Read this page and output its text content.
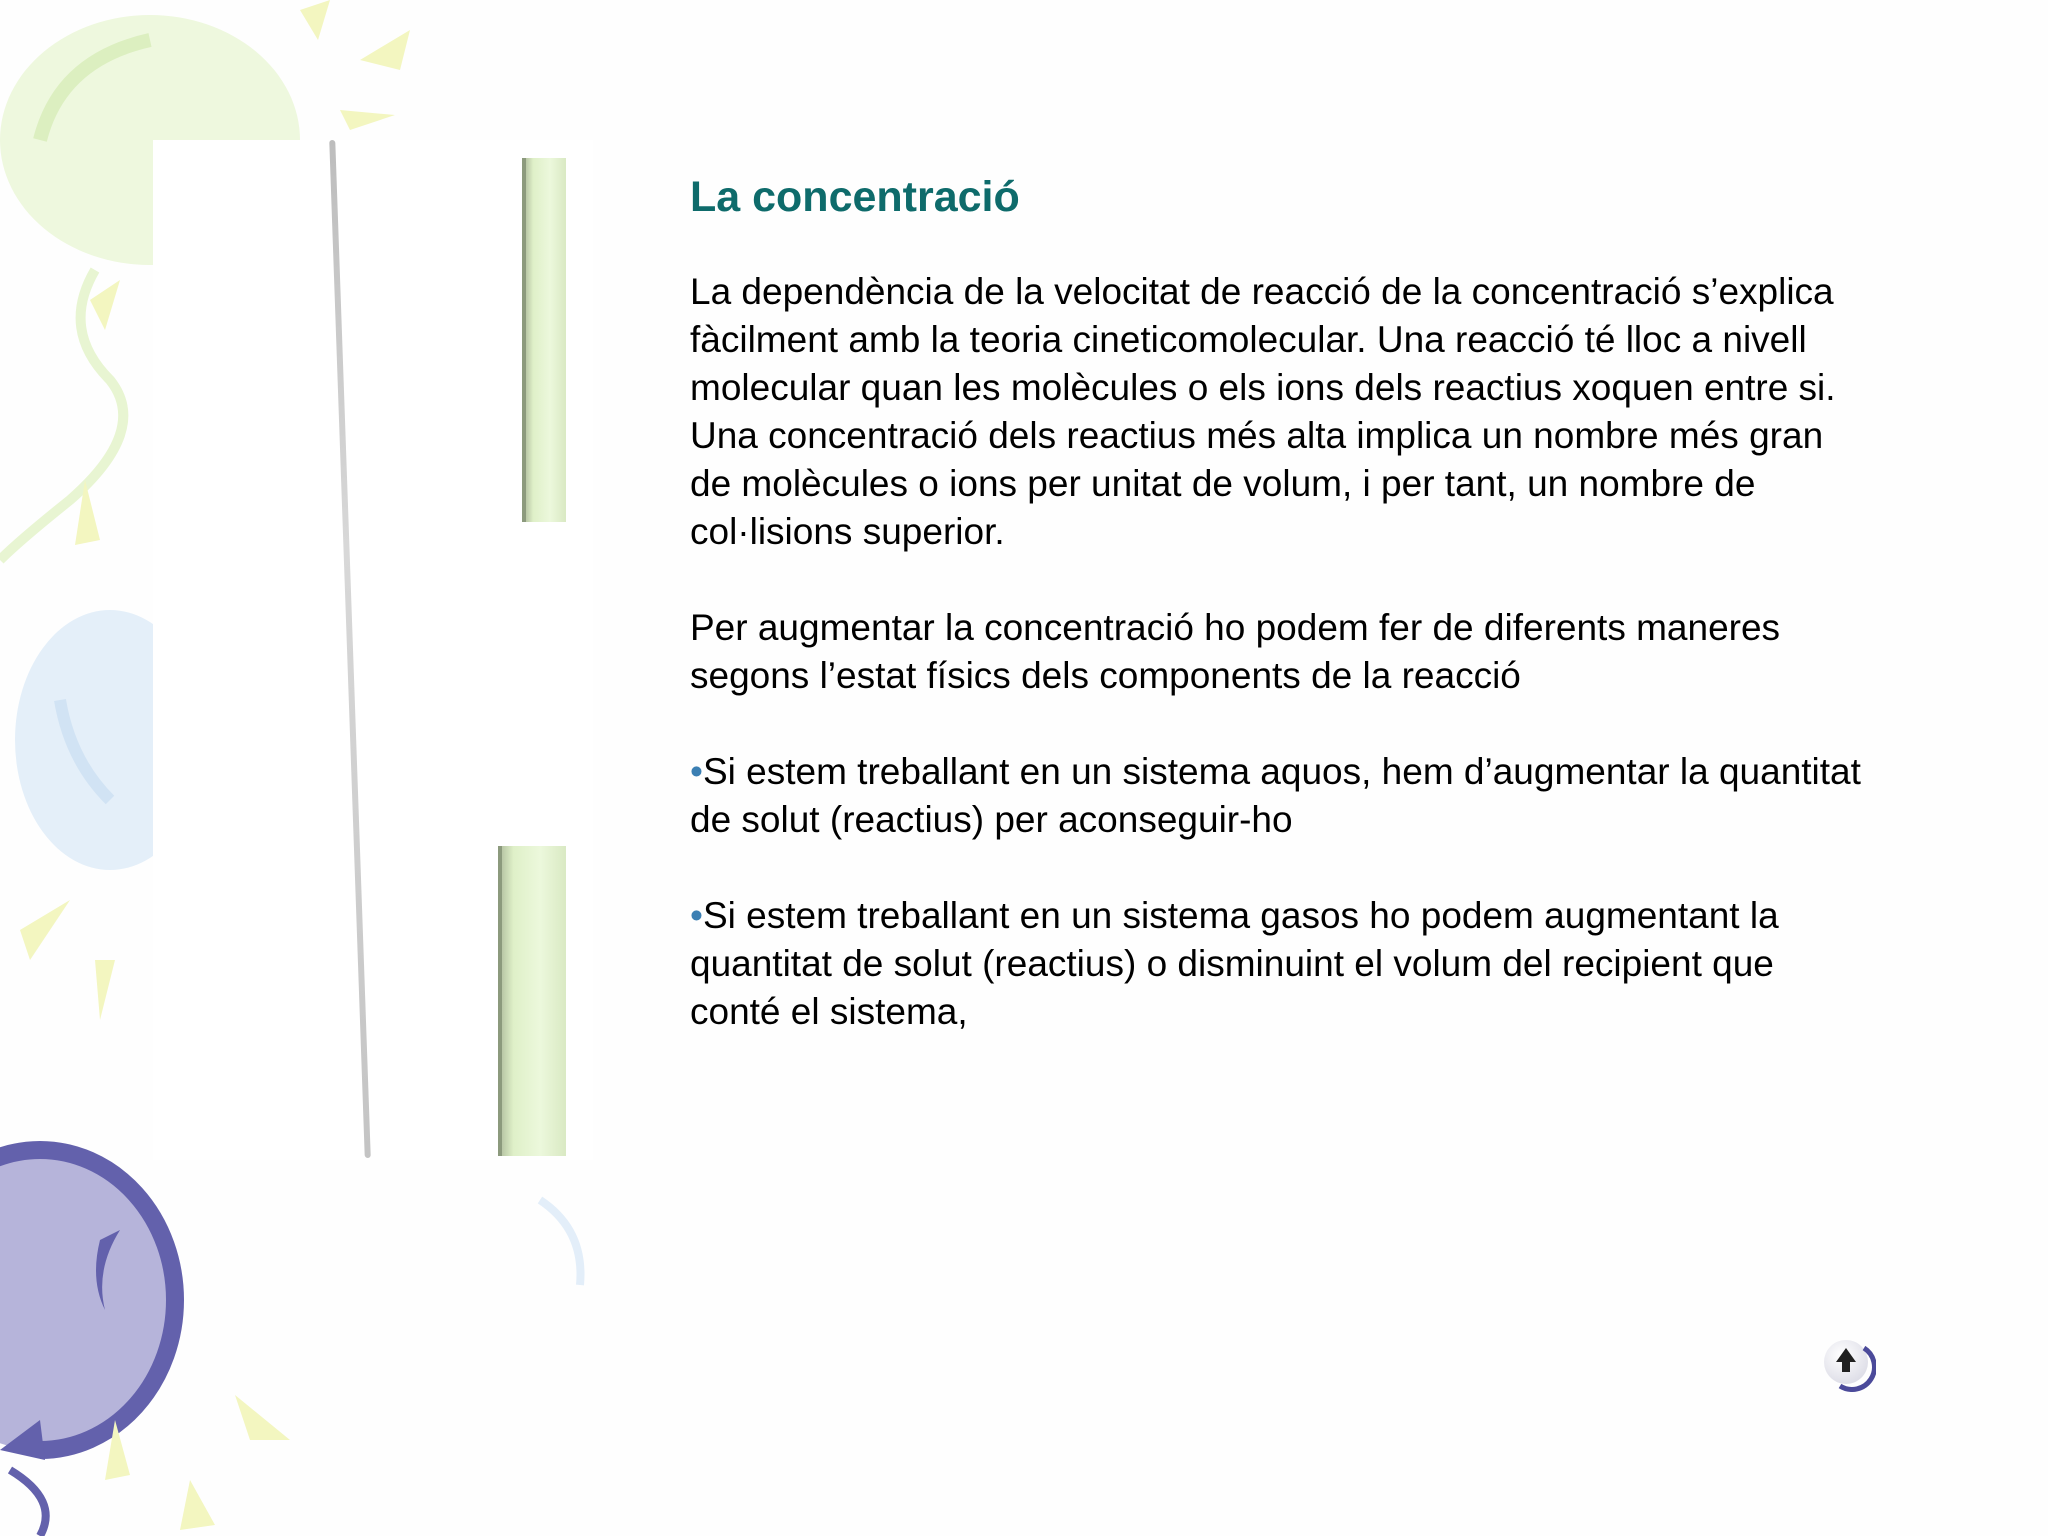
La concentració

La dependència de la velocitat de reacció de la concentració s’explica fàcilment amb la teoria cineticomolecular. Una reacció té lloc a nivell molecular quan les molècules o els ions dels reactius xoquen entre si. Una concentració dels reactius més alta implica un nombre més gran de molècules o ions per unitat de volum, i per tant, un nombre de col·lisions superior.

Per augmentar la concentració ho podem fer de diferents maneres segons l’estat físics dels components de la reacció

•Si estem treballant en un sistema aquos, hem d’augmentar la quantitat de solut (reactius) per aconseguir-ho

•Si estem treballant en un sistema gasos ho podem augmentant la quantitat de solut (reactius) o disminuint el volum del recipient que conté el sistema,
